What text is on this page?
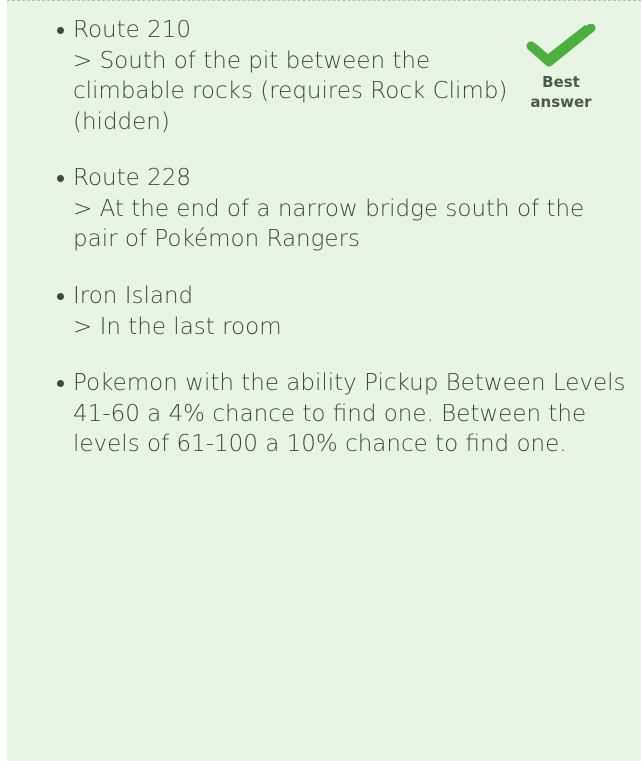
Route 210
> South of the pit between the climbable rocks (requires Rock Climb) (hidden)
Best
answer
Route 228
> At the end of a narrow bridge south of the pair of Pokémon Rangers
Iron Island
> In the last room
Pokemon with the ability Pickup Between Levels 41-60 a 4% chance to find one. Between the levels of 61-100 a 10% chance to find one.
